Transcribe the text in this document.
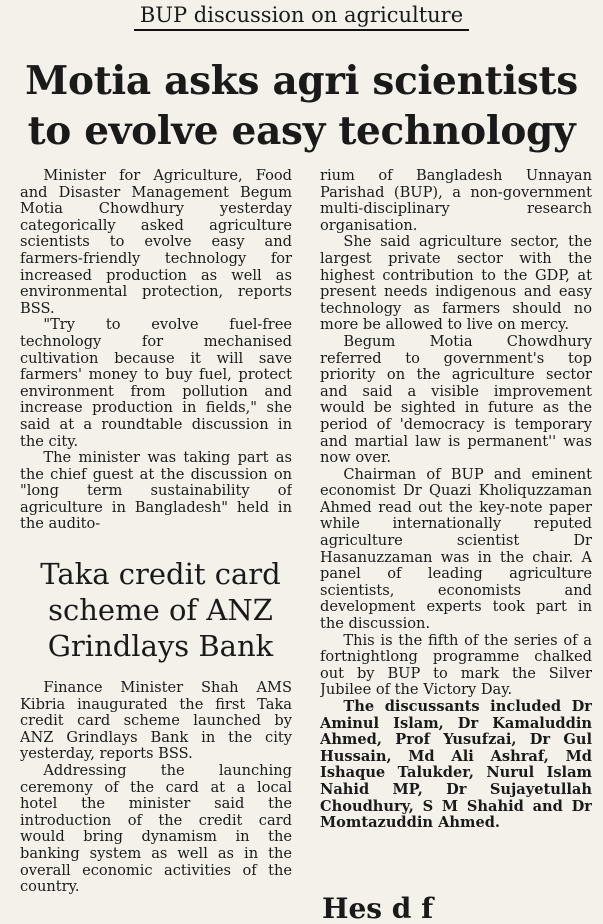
BUP discussion on agriculture
Motia asks agri scientists
to evolve easy technology

Minister for Agriculture, Food and Disaster Management Begum Motia Chowdhury yesterday categorically asked agriculture scientists to evolve easy and farmers-friendly technology for increased production as well as environmental protection, reports BSS.

"Try to evolve fuel-free technology for mechanised cultivation because it will save farmers' money to buy fuel, protect environment from pollution and increase production in fields," she said at a roundtable discussion in the city.

The minister was taking part as the chief guest at the discussion on "long term sustainability of agriculture in Bangladesh" held in the audito-

Taka credit card
scheme of ANZ
Grindlays Bank

Finance Minister Shah AMS Kibria inaugurated the first Taka credit card scheme launched by ANZ Grindlays Bank in the city yesterday, reports BSS.

Addressing the launching ceremony of the card at a local hotel the minister said the introduction of the credit card would bring dynamism in the banking system as well as in the overall economic activities of the country.

rium of Bangladesh Unnayan Parishad (BUP), a non-government multi-disciplinary research organisation.

She said agriculture sector, the largest private sector with the highest contribution to the GDP, at present needs indigenous and easy technology as farmers should no more be allowed to live on mercy.

Begum Motia Chowdhury referred to government's top priority on the agriculture sector and said a visible improvement would be sighted in future as the period of 'democracy is temporary and martial law is permanent'' was now over.

Chairman of BUP and eminent economist Dr Quazi Kholiquzzaman Ahmed read out the key-note paper while internationally reputed agriculture scientist Dr Hasanuzzaman was in the chair. A panel of leading agriculture scientists, economists and development experts took part in the discussion.

This is the fifth of the series of a fortnightlong programme chalked out by BUP to mark the Silver Jubilee of the Victory Day.

The discussants included Dr Aminul Islam, Dr Kamaluddin Ahmed, Prof Yusufzai, Dr Gul Hussain, Md Ali Ashraf, Md Ishaque Talukder, Nurul Islam Nahid MP, Dr Sujayetullah Choudhury, S M Shahid and Dr Momtazuddin Ahmed.

Hes d f
